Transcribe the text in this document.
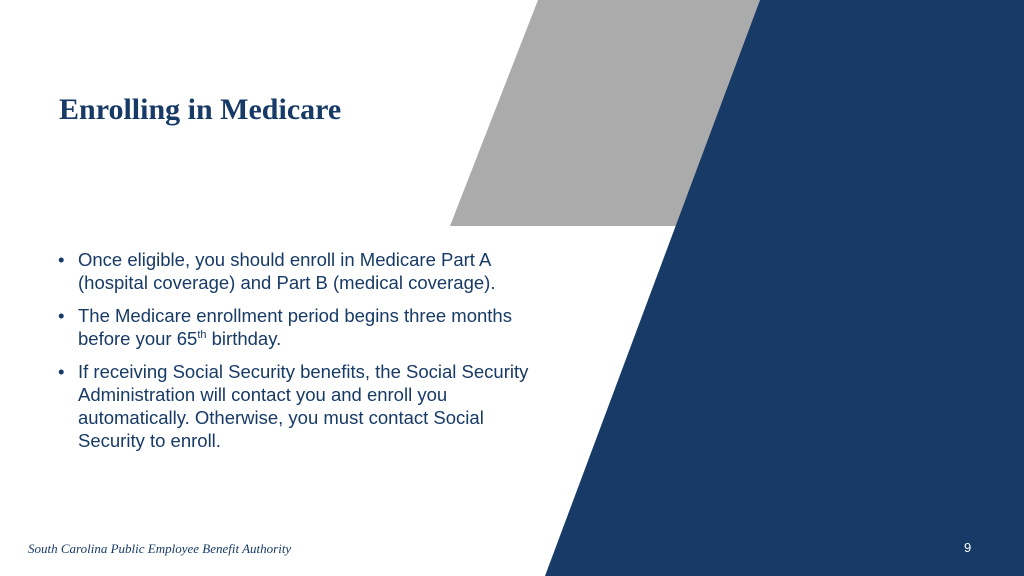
Enrolling in Medicare
• Once eligible, you should enroll in Medicare Part A (hospital coverage) and Part B (medical coverage).
• The Medicare enrollment period begins three months before your 65th birthday.
• If receiving Social Security benefits, the Social Security Administration will contact you and enroll you automatically. Otherwise, you must contact Social Security to enroll.
South Carolina Public Employee Benefit Authority	9
